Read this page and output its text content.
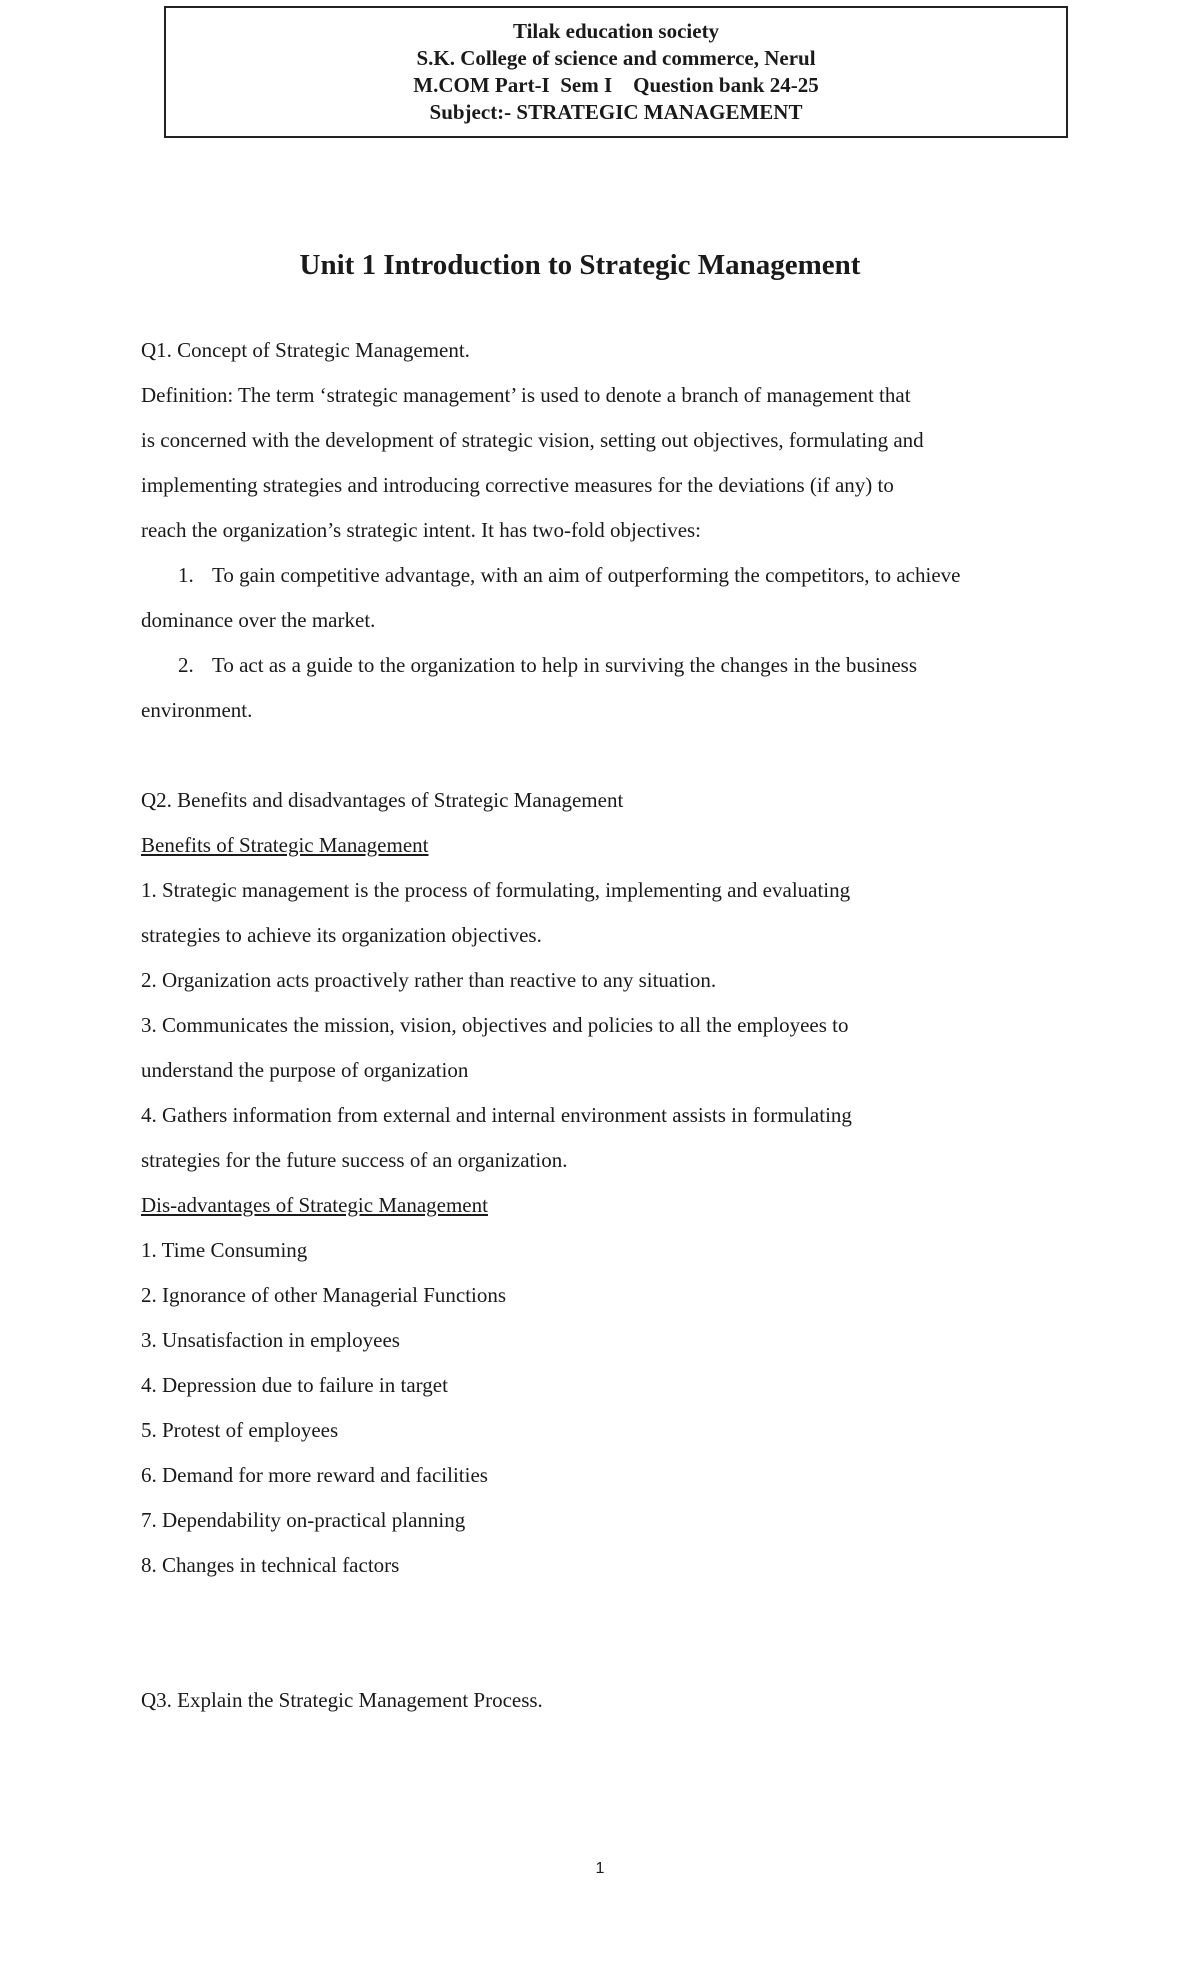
Tilak education society

S.K. College of science and commerce, Nerul

M.COM Part-I  Sem I    Question bank 24-25

Subject:- STRATEGIC MANAGEMENT

Unit 1 Introduction to Strategic Management

Q1. Concept of Strategic Management.

Definition: The term ‘strategic management’ is used to denote a branch of management that

is concerned with the development of strategic vision, setting out objectives, formulating and

implementing strategies and introducing corrective measures for the deviations (if any) to

reach the organization’s strategic intent. It has two-fold objectives:

1. To gain competitive advantage, with an aim of outperforming the competitors, to achieve

dominance over the market.

2. To act as a guide to the organization to help in surviving the changes in the business

environment.

Q2. Benefits and disadvantages of Strategic Management

Benefits of Strategic Management

1. Strategic management is the process of formulating, implementing and evaluating

strategies to achieve its organization objectives.

2. Organization acts proactively rather than reactive to any situation.

3. Communicates the mission, vision, objectives and policies to all the employees to

understand the purpose of organization

4. Gathers information from external and internal environment assists in formulating

strategies for the future success of an organization.

Dis-advantages of Strategic Management

1. Time Consuming

2. Ignorance of other Managerial Functions

3. Unsatisfaction in employees

4. Depression due to failure in target

5. Protest of employees

6. Demand for more reward and facilities

7. Dependability on-practical planning

8. Changes in technical factors

Q3. Explain the Strategic Management Process.

1
